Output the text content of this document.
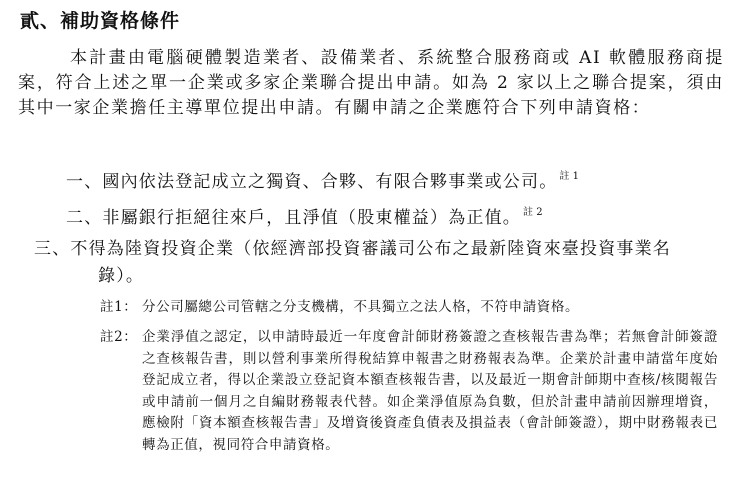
貳、補助資格條件
本計畫由電腦硬體製造業者、設備業者、系統整合服務商或 AI 軟體服務商提案，符合上述之單一企業或多家企業聯合提出申請。如為 2 家以上之聯合提案，須由其中一家企業擔任主導單位提出申請。有關申請之企業應符合下列申請資格：
一、國內依法登記成立之獨資、合夥、有限合夥事業或公司。 $^{註 1}$
二、非屬銀行拒絕往來戶，且淨值（股東權益）為正值。 $^{註 2}$
三、不得為陸資投資企業（依經濟部投資審議司公布之最新陸資來臺投資事業名錄）。
註1： 分公司屬總公司管轄之分支機構，不具獨立之法人格，不符申請資格。
註2： 企業淨值之認定，以申請時最近一年度會計師財務簽證之查核報告書為準；若無會計師簽證之查核報告書，則以營利事業所得稅結算申報書之財務報表為準。企業於計畫申請當年度始登記成立者，得以企業設立登記資本額查核報告書，以及最近一期會計師期中查核/核閱報告或申請前一個月之自編財務報表代替。如企業淨值原為負數，但於計畫申請前因辦理增資，應檢附「資本額查核報告書」及增資後資產負債表及損益表（會計師簽證），期中財務報表已轉為正值，視同符合申請資格。
